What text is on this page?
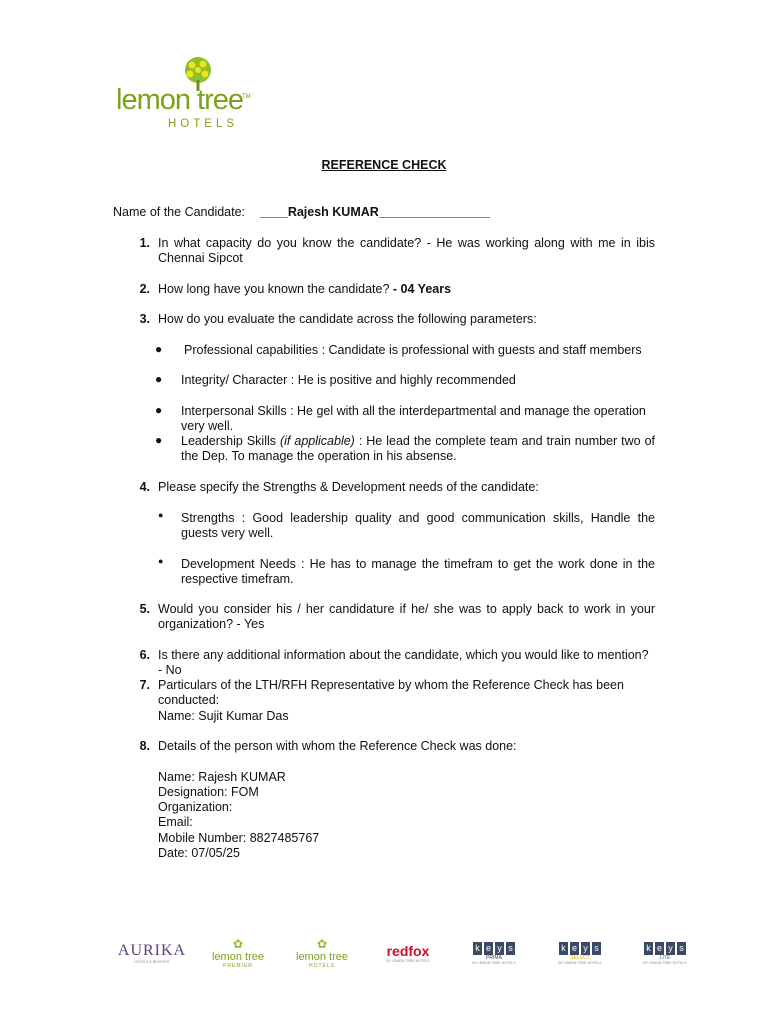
lemon tree
TM
HOTELS
REFERENCE CHECK
Name of the Candidate: ____Rajesh KUMAR________________
1. In what capacity do you know the candidate? - He was working along with me in ibis Chennai Sipcot
2. How long have you known the candidate? - 04 Years
3. How do you evaluate the candidate across the following parameters:
● Professional capabilities : Candidate is professional with guests and staff members
● Integrity/ Character : He is positive and highly recommended
● Interpersonal Skills : He gel with all the interdepartmental and manage the operation very well.
● Leadership Skills (if applicable) : He lead the complete team and train number two of the Dep. To manage the operation in his absense.
4. Please specify the Strengths & Development needs of the candidate:
● Strengths : Good leadership quality and good communication skills, Handle the guests very well.
● Development Needs : He has to manage the timefram to get the work done in the respective timefram.
5. Would you consider his / her candidature if he/ she was to apply back to work in your organization? - Yes
6. Is there any additional information about the candidate, which you would like to mention? - No
7. Particulars of the LTH/RFH Representative by whom the Reference Check has been conducted:
Name: Sujit Kumar Das
8. Details of the person with whom the Reference Check was done:
Name: Rajesh KUMAR
Designation: FOM
Organization:
Email:
Mobile Number: 8827485767
Date: 07/05/25
AURIKA
HOTELS & RESORTS
✿
lemon tree
PREMIER
✿
lemon tree
HOTELS
redfox
BY LEMON TREE HOTELS
k e y s
PRIMA
BY LEMON TREE HOTELS
k e y s
SELECT
BY LEMON TREE HOTELS
k e y s
LITE
BY LEMON TREE HOTELS
